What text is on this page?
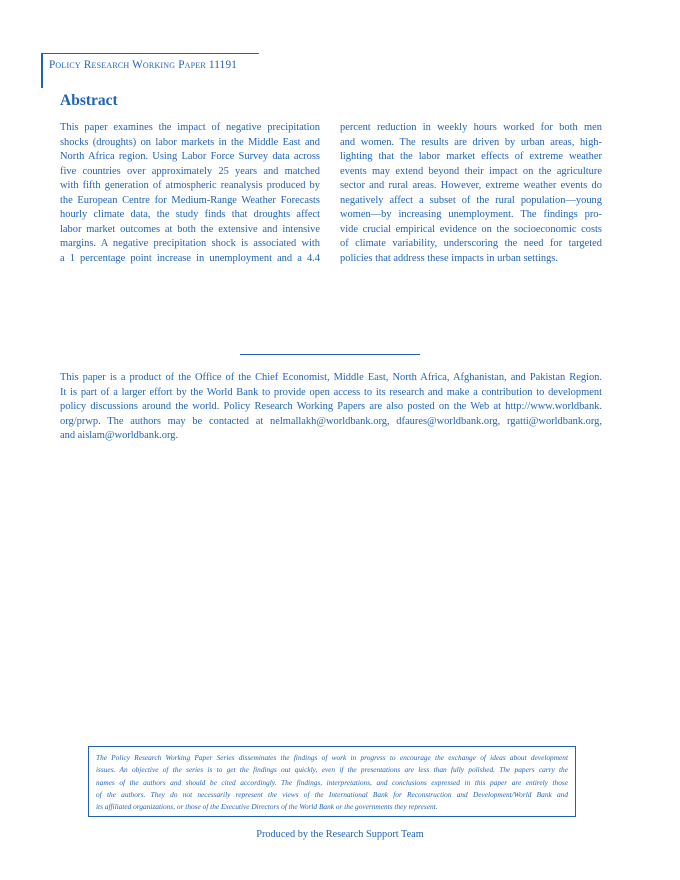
Policy Research Working Paper 11191
Abstract

This paper examines the impact of negative precipitation
shocks (droughts) on labor markets in the Middle East and
North Africa region. Using Labor Force Survey data across
five countries over approximately 25 years and matched
with fifth generation of atmospheric reanalysis produced by
the European Centre for Medium-Range Weather Forecasts
hourly climate data, the study finds that droughts affect
labor market outcomes at both the extensive and intensive
margins. A negative precipitation shock is associated with
a 1 percentage point increase in unemployment and a 4.4

percent reduction in weekly hours worked for both men
and women. The results are driven by urban areas, high-
lighting that the labor market effects of extreme weather
events may extend beyond their impact on the agriculture
sector and rural areas. However, extreme weather events do
negatively affect a subset of the rural population—young
women—by increasing unemployment. The findings pro-
vide crucial empirical evidence on the socioeconomic costs
of climate variability, underscoring the need for targeted
policies that address these impacts in urban settings.

This paper is a product of the Office of the Chief Economist, Middle East, North Africa, Afghanistan, and Pakistan Region.
It is part of a larger effort by the World Bank to provide open access to its research and make a contribution to development
policy discussions around the world. Policy Research Working Papers are also posted on the Web at http://www.worldbank.
org/prwp. The authors may be contacted at nelmallakh@worldbank.org, dfaures@worldbank.org, rgatti@worldbank.org,
and aislam@worldbank.org.

The Policy Research Working Paper Series disseminates the findings of work in progress to encourage the exchange of ideas about development
issues. An objective of the series is to get the findings out quickly, even if the presentations are less than fully polished. The papers carry the
names of the authors and should be cited accordingly. The findings, interpretations, and conclusions expressed in this paper are entirely those
of the authors. They do not necessarily represent the views of the International Bank for Reconstruction and Development/World Bank and
its affiliated organizations, or those of the Executive Directors of the World Bank or the governments they represent.

Produced by the Research Support Team
